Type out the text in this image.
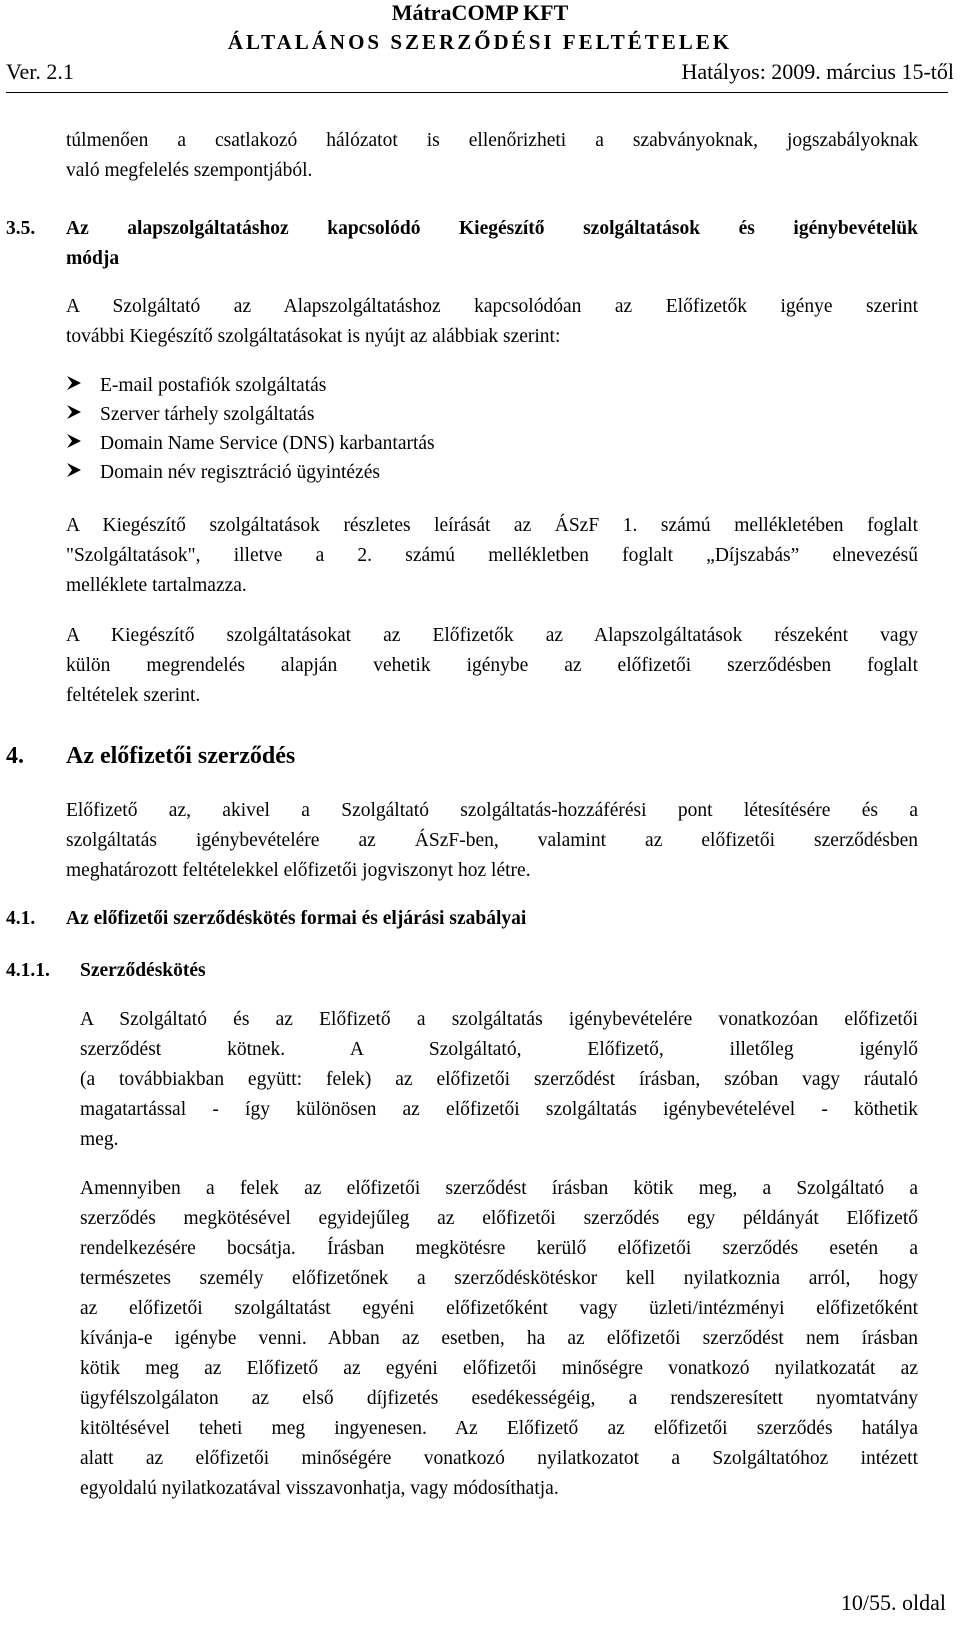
MátraCOMP KFT
ÁLTALÁNOS SZERZŐDÉSI FELTÉTELEK
Ver. 2.1	Hatályos: 2009. március 15-től
túlmenően a csatlakozó hálózatot is ellenőrizheti a szabványoknak, jogszabályoknak
való megfelelés szempontjából.
3.5. Az alapszolgáltatáshoz kapcsolódó Kiegészítő szolgáltatások és igénybevételük
módja
A Szolgáltató az Alapszolgáltatáshoz kapcsolódóan az Előfizetők igénye szerint
további Kiegészítő szolgáltatásokat is nyújt az alábbiak szerint:
E-mail postafiók szolgáltatás
Szerver tárhely szolgáltatás
Domain Name Service (DNS) karbantartás
Domain név regisztráció ügyintézés
A Kiegészítő szolgáltatások részletes leírását az ÁSzF 1. számú mellékletében foglalt
"Szolgáltatások", illetve a 2. számú mellékletben foglalt „Díjszabás” elnevezésű
melléklete tartalmazza.
A Kiegészítő szolgáltatásokat az Előfizetők az Alapszolgáltatások részeként vagy
külön megrendelés alapján vehetik igénybe az előfizetői szerződésben foglalt
feltételek szerint.
4. Az előfizetői szerződés
Előfizető az, akivel a Szolgáltató szolgáltatás-hozzáférési pont létesítésére és a
szolgáltatás igénybevételére az ÁSzF-ben, valamint az előfizetői szerződésben
meghatározott feltételekkel előfizetői jogviszonyt hoz létre.
4.1. Az előfizetői szerződéskötés formai és eljárási szabályai
4.1.1. Szerződéskötés
A Szolgáltató és az Előfizető a szolgáltatás igénybevételére vonatkozóan előfizetői
szerződést kötnek. A Szolgáltató, Előfizető, illetőleg igénylő
(a továbbiakban együtt: felek) az előfizetői szerződést írásban, szóban vagy ráutaló
magatartással - így különösen az előfizetői szolgáltatás igénybevételével - köthetik
meg.
Amennyiben a felek az előfizetői szerződést írásban kötik meg, a Szolgáltató a
szerződés megkötésével egyidejűleg az előfizetői szerződés egy példányát Előfizető
rendelkezésére bocsátja. Írásban megkötésre kerülő előfizetői szerződés esetén a
természetes személy előfizetőnek a szerződéskötéskor kell nyilatkoznia arról, hogy
az előfizetői szolgáltatást egyéni előfizetőként vagy üzleti/intézményi előfizetőként
kívánja-e igénybe venni. Abban az esetben, ha az előfizetői szerződést nem írásban
kötik meg az Előfizető az egyéni előfizetői minőségre vonatkozó nyilatkozatát az
ügyfélszolgálaton az első díjfizetés esedékességéig, a rendszeresített nyomtatvány
kitöltésével teheti meg ingyenesen. Az Előfizető az előfizetői szerződés hatálya
alatt az előfizetői minőségére vonatkozó nyilatkozatot a Szolgáltatóhoz intézett
egyoldalú nyilatkozatával visszavonhatja, vagy módosíthatja.
10/55. oldal
